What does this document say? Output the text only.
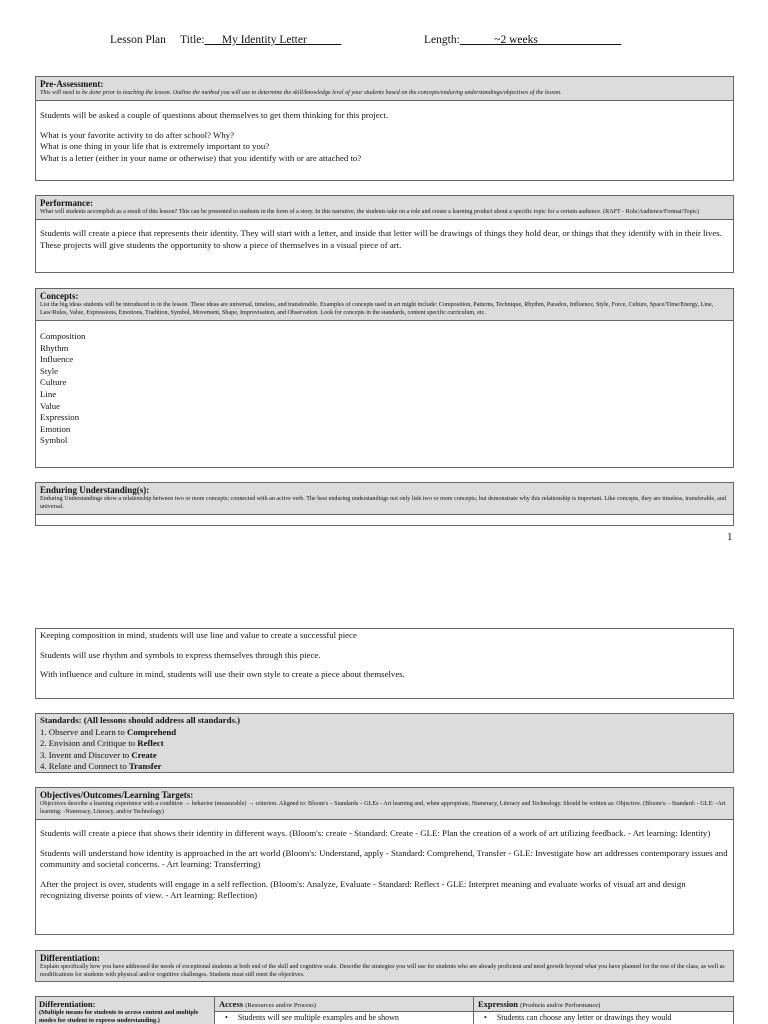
Lesson Plan Title: My Identity Letter	Length:	~2 weeks
Pre-Assessment:
This will need to be done prior to teaching the lesson. Outline the method you will use to determine the skill/knowledge level of your students based on the concepts/enduring understandings/objectives of the lesson.
Students will be asked a couple of questions about themselves to get them thinking for this project.
What is your favorite activity to do after school? Why?
What is one thing in your life that is extremely important to you?
What is a letter (either in your name or otherwise) that you identify with or are attached to?
Performance:
What will students accomplish as a result of this lesson? This can be presented to students in the form of a story. In this narrative, the students take on a role and create a learning product about a specific topic for a certain audience. (RAFT - Role/Audience/Format/Topic)
Students will create a piece that represents their identity. They will start with a letter, and inside that letter will be drawings of things they hold dear, or things that they identify with in their lives. These projects will give students the opportunity to show a piece of themselves in a visual piece of art.
Concepts:
List the big ideas students will be introduced to in the lesson. These ideas are universal, timeless, and transferable. Examples of concepts used in art might include: Composition, Patterns, Technique, Rhythm, Paradox, Influence, Style, Force, Culture, Space/Time/Energy, Line, Law/Rules, Value, Expressions, Emotions, Tradition, Symbol, Movement, Shape, Improvisation, and Observation. Look for concepts in the standards, content specific curriculum, etc.
Composition
Rhythm
Influence
Style
Culture
Line
Value
Expression
Emotion
Symbol
Enduring Understanding(s):
Enduring Understandings show a relationship between two or more concepts; connected with an active verb. The best enduring understandings not only link two or more concepts; but demonstrate why this relationship is important. Like concepts, they are timeless, transferable, and universal.
1
Keeping composition in mind, students will use line and value to create a successful piece
Students will use rhythm and symbols to express themselves through this piece.
With influence and culture in mind, students will use their own style to create a piece about themselves.
Standards: (All lessons should address all standards.)
1. Observe and Learn to Comprehend
2. Envision and Critique to Reflect
3. Invent and Discover to Create
4. Relate and Connect to Transfer
Objectives/Outcomes/Learning Targets:
Objectives describe a learning experience with a condition → behavior (measurable) → criterion. Aligned to: Bloom's – Standards – GLEs - Art learning and, when appropriate, Numeracy, Literacy and Technology. Should be written as: Objective. (Bloom's: - Standard: - GLE: -Art learning: -Numeracy, Literacy, and/or Technology)
Students will create a piece that shows their identity in different ways. (Bloom's: create - Standard: Create - GLE: Plan the creation of a work of art utilizing feedback. - Art learning: Identity)
Students will understand how identity is approached in the art world (Bloom's: Understand, apply - Standard: Comprehend, Transfer - GLE: Investigate how art addresses contemporary issues and community and societal concerns. - Art learning: Transferring)
After the project is over, students will engage in a self reflection. (Bloom's: Analyze, Evaluate - Standard: Reflect - GLE: Interpret meaning and evaluate works of visual art and design recognizing diverse points of view. - Art learning: Reflection)
Differentiation:
Explain specifically how you have addressed the needs of exceptional students at both end of the skill and cognitive scale. Describe the strategies you will use for students who are already proficient and need growth beyond what you have planned for the rest of the class, as well as modifications for students with physical and/or cognitive challenges. Students must still meet the objectives.
Differentiation:
(Multiple means for students to access content and multiple modes for student to express understanding.)
Access (Resources and/or Process)
• Students will see multiple examples and be shown
Expression (Products and/or Performance)
• Students can choose any letter or drawings they would
